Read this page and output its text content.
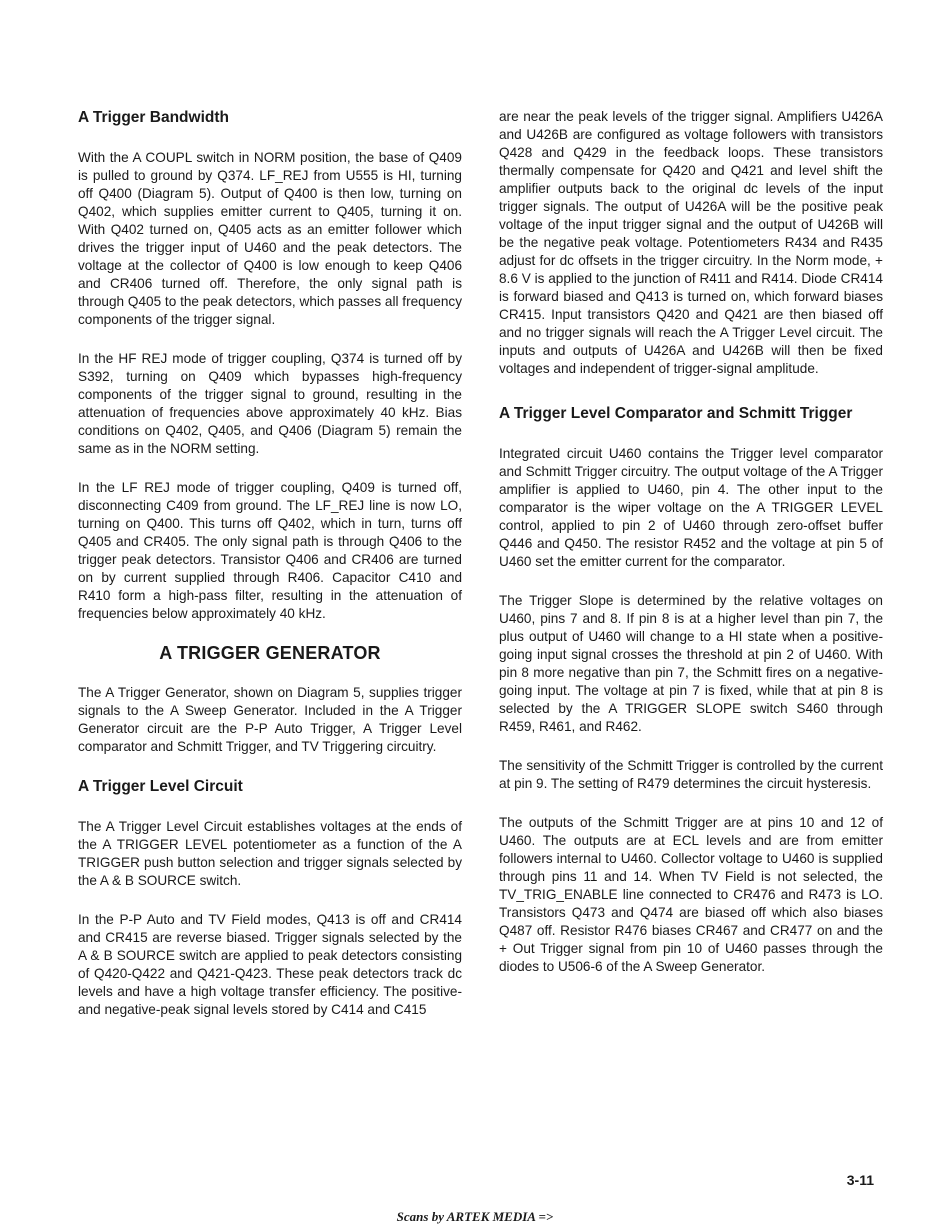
A Trigger Bandwidth

With the A COUPL switch in NORM position, the base of Q409 is pulled to ground by Q374. LF_REJ from U555 is HI, turning off Q400 (Diagram 5). Output of Q400 is then low, turning on Q402, which supplies emitter current to Q405, turning it on. With Q402 turned on, Q405 acts as an emitter follower which drives the trigger input of U460 and the peak detectors. The voltage at the collector of Q400 is low enough to keep Q406 and CR406 turned off. Therefore, the only signal path is through Q405 to the peak detectors, which passes all frequency components of the trigger signal.

In the HF REJ mode of trigger coupling, Q374 is turned off by S392, turning on Q409 which bypasses high-frequency components of the trigger signal to ground, resulting in the attenuation of frequencies above approximately 40 kHz. Bias conditions on Q402, Q405, and Q406 (Diagram 5) remain the same as in the NORM setting.

In the LF REJ mode of trigger coupling, Q409 is turned off, disconnecting C409 from ground. The LF_REJ line is now LO, turning on Q400. This turns off Q402, which in turn, turns off Q405 and CR405. The only signal path is through Q406 to the trigger peak detectors. Transistor Q406 and CR406 are turned on by current supplied through R406. Capacitor C410 and R410 form a high-pass filter, resulting in the attenuation of frequencies below approximately 40 kHz.

A TRIGGER GENERATOR

The A Trigger Generator, shown on Diagram 5, supplies trigger signals to the A Sweep Generator. Included in the A Trigger Generator circuit are the P-P Auto Trigger, A Trigger Level comparator and Schmitt Trigger, and TV Triggering circuitry.

A Trigger Level Circuit

The A Trigger Level Circuit establishes voltages at the ends of the A TRIGGER LEVEL potentiometer as a function of the A TRIGGER push button selection and trigger signals selected by the A & B SOURCE switch.

In the P-P Auto and TV Field modes, Q413 is off and CR414 and CR415 are reverse biased. Trigger signals selected by the A & B SOURCE switch are applied to peak detectors consisting of Q420-Q422 and Q421-Q423. These peak detectors track dc levels and have a high voltage transfer efficiency. The positive- and negative-peak signal levels stored by C414 and C415

are near the peak levels of the trigger signal. Amplifiers U426A and U426B are configured as voltage followers with transistors Q428 and Q429 in the feedback loops. These transistors thermally compensate for Q420 and Q421 and level shift the amplifier outputs back to the original dc levels of the input trigger signals. The output of U426A will be the positive peak voltage of the input trigger signal and the output of U426B will be the negative peak voltage. Potentiometers R434 and R435 adjust for dc offsets in the trigger circuitry. In the Norm mode, + 8.6 V is applied to the junction of R411 and R414. Diode CR414 is forward biased and Q413 is turned on, which forward biases CR415. Input transistors Q420 and Q421 are then biased off and no trigger signals will reach the A Trigger Level circuit. The inputs and outputs of U426A and U426B will then be fixed voltages and independent of trigger-signal amplitude.

A Trigger Level Comparator and Schmitt Trigger

Integrated circuit U460 contains the Trigger level comparator and Schmitt Trigger circuitry. The output voltage of the A Trigger amplifier is applied to U460, pin 4. The other input to the comparator is the wiper voltage on the A TRIGGER LEVEL control, applied to pin 2 of U460 through zero-offset buffer Q446 and Q450. The resistor R452 and the voltage at pin 5 of U460 set the emitter current for the comparator.

The Trigger Slope is determined by the relative voltages on U460, pins 7 and 8. If pin 8 is at a higher level than pin 7, the plus output of U460 will change to a HI state when a positive-going input signal crosses the threshold at pin 2 of U460. With pin 8 more negative than pin 7, the Schmitt fires on a negative-going input. The voltage at pin 7 is fixed, while that at pin 8 is selected by the A TRIGGER SLOPE switch S460 through R459, R461, and R462.

The sensitivity of the Schmitt Trigger is controlled by the current at pin 9. The setting of R479 determines the circuit hysteresis.

The outputs of the Schmitt Trigger are at pins 10 and 12 of U460. The outputs are at ECL levels and are from emitter followers internal to U460. Collector voltage to U460 is supplied through pins 11 and 14. When TV Field is not selected, the TV_TRIG_ENABLE line connected to CR476 and R473 is LO. Transistors Q473 and Q474 are biased off which also biases Q487 off. Resistor R476 biases CR467 and CR477 on and the + Out Trigger signal from pin 10 of U460 passes through the diodes to U506-6 of the A Sweep Generator.

3-11
Scans by ARTEK MEDIA =>
